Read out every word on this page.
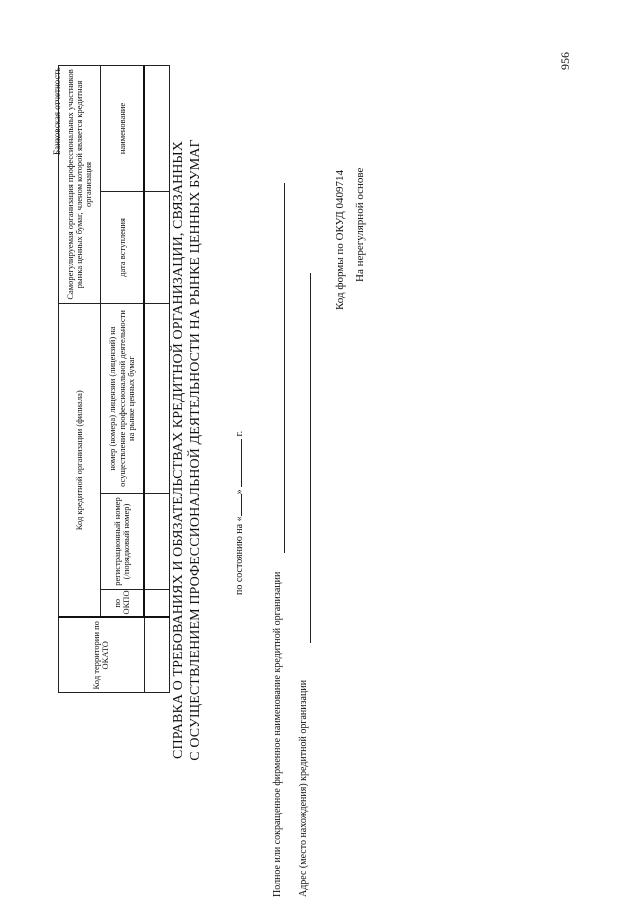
Банковская отчетность
Код территории по ОКАТО	Код кредитной организации (филиала)			Саморегулируемая организация профессиональных участников рынка ценных бумаг, членом которой является кредитная организация	
	по ОКПО	регистрационный номер (/порядковый номер)	номер (номера) лицензии (лицензий) на осуществление профессиональной деятельности на рынке ценных бумаг	дата вступления	наименование

СПРАВКА О ТРЕБОВАНИЯХ И ОБЯЗАТЕЛЬСТВАХ КРЕДИТНОЙ ОРГАНИЗАЦИИ, СВЯЗАННЫХ С ОСУЩЕСТВЛЕНИЕМ ПРОФЕССИОНАЛЬНОЙ ДЕЯТЕЛЬНОСТИ НА РЫНКЕ ЦЕННЫХ БУМАГ	по состоянию на «»  г.
Полное или сокращенное фирменное наименование кредитной организации Адрес (место нахождения) кредитной организации
Код формы по ОКУД 0409714 На нерегулярной основе
956
